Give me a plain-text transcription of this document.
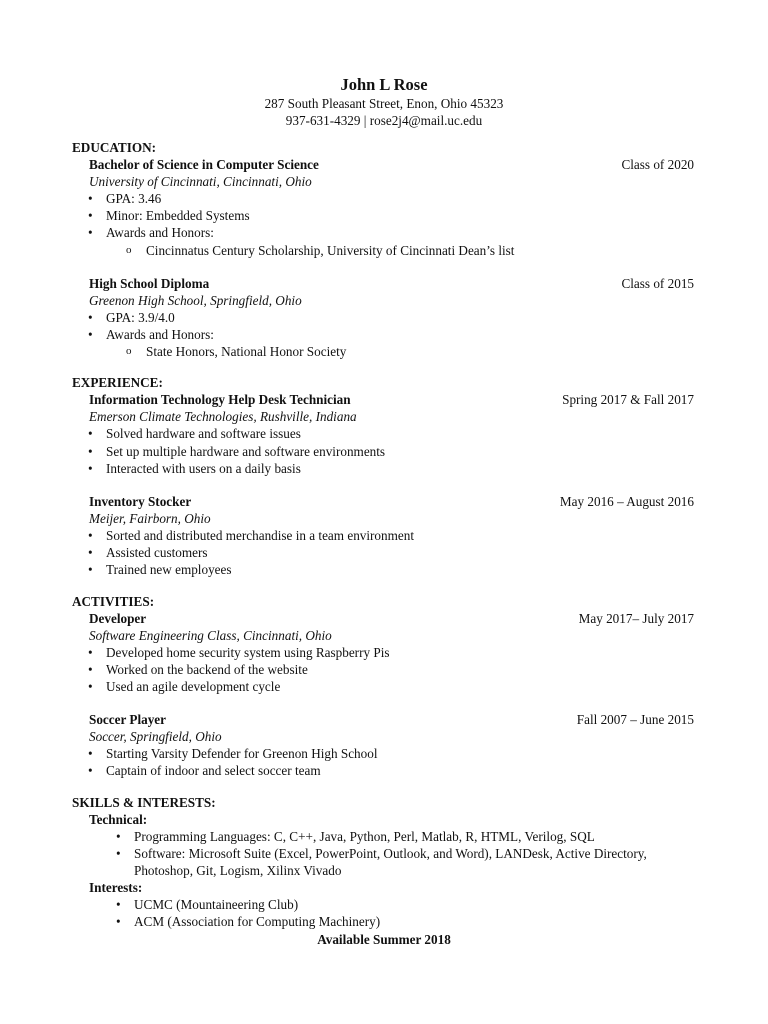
John L Rose
287 South Pleasant Street, Enon, Ohio 45323
937-631-4329 | rose2j4@mail.uc.edu
EDUCATION:
Bachelor of Science in Computer Science	Class of 2020
University of Cincinnati, Cincinnati, Ohio
• GPA: 3.46
• Minor: Embedded Systems
• Awards and Honors:
o Cincinnatus Century Scholarship, University of Cincinnati Dean’s list
High School Diploma	Class of 2015
Greenon High School, Springfield, Ohio
• GPA: 3.9/4.0
• Awards and Honors:
o State Honors, National Honor Society
EXPERIENCE:
Information Technology Help Desk Technician	Spring 2017 & Fall 2017
Emerson Climate Technologies, Rushville, Indiana
• Solved hardware and software issues
• Set up multiple hardware and software environments
• Interacted with users on a daily basis
Inventory Stocker	May 2016 – August 2016
Meijer, Fairborn, Ohio
• Sorted and distributed merchandise in a team environment
• Assisted customers
• Trained new employees
ACTIVITIES:
Developer	May 2017– July 2017
Software Engineering Class, Cincinnati, Ohio
• Developed home security system using Raspberry Pis
• Worked on the backend of the website
• Used an agile development cycle
Soccer Player	Fall 2007 – June 2015
Soccer, Springfield, Ohio
• Starting Varsity Defender for Greenon High School
• Captain of indoor and select soccer team
SKILLS & INTERESTS:
Technical:
• Programming Languages: C, C++, Java, Python, Perl, Matlab, R, HTML, Verilog, SQL
• Software: Microsoft Suite (Excel, PowerPoint, Outlook, and Word), LANDesk, Active Directory, Photoshop, Git, Logism, Xilinx Vivado
Interests:
• UCMC (Mountaineering Club)
• ACM (Association for Computing Machinery)
Available Summer 2018
